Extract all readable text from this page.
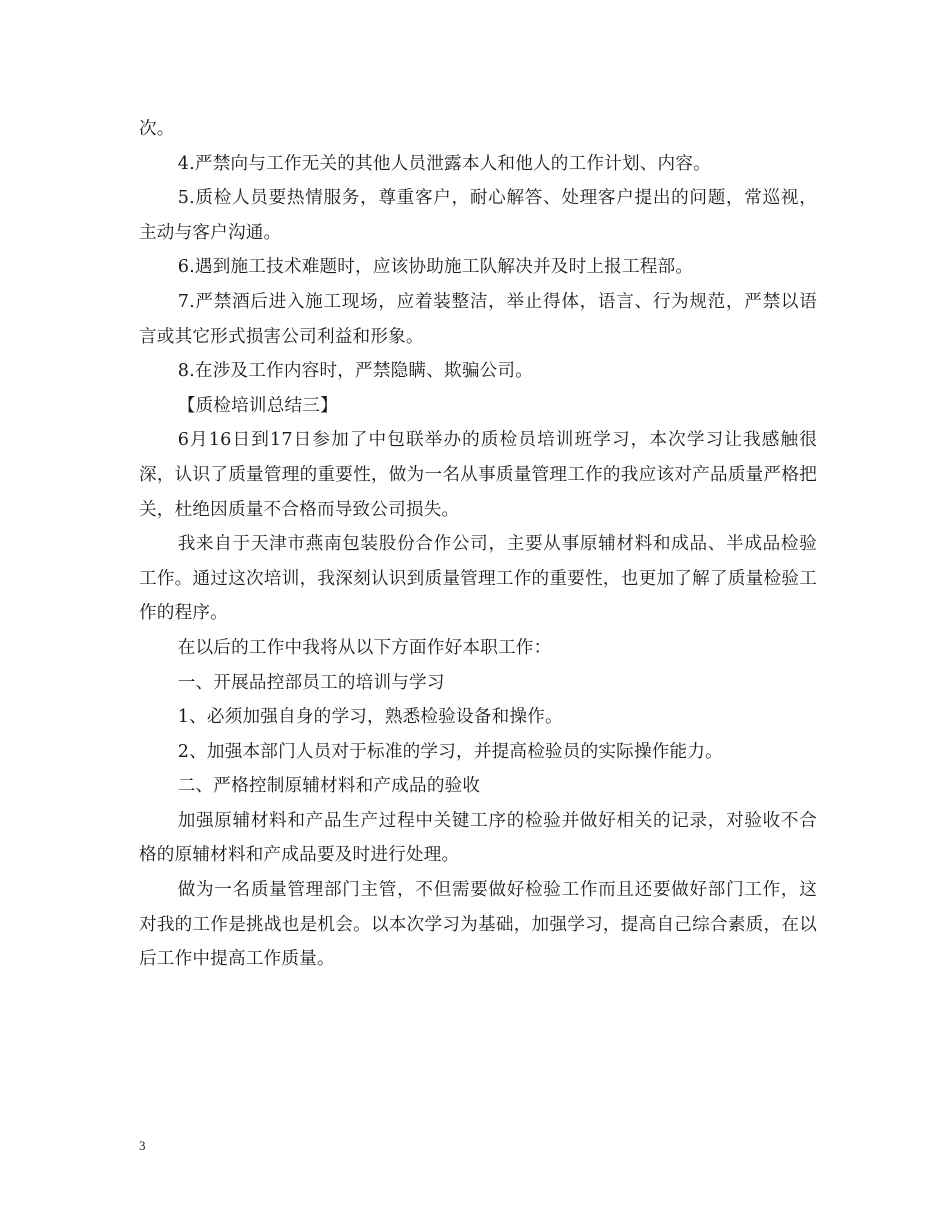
次。

4.严禁向与工作无关的其他人员泄露本人和他人的工作计划、内容。

5.质检人员要热情服务，尊重客户，耐心解答、处理客户提出的问题，常巡视，主动与客户沟通。

6.遇到施工技术难题时，应该协助施工队解决并及时上报工程部。

7.严禁酒后进入施工现场，应着装整洁，举止得体，语言、行为规范，严禁以语言或其它形式损害公司利益和形象。

8.在涉及工作内容时，严禁隐瞒、欺骗公司。

【质检培训总结三】

6月16日到17日参加了中包联举办的质检员培训班学习，本次学习让我感触很深，认识了质量管理的重要性，做为一名从事质量管理工作的我应该对产品质量严格把关，杜绝因质量不合格而导致公司损失。

我来自于天津市燕南包装股份合作公司，主要从事原辅材料和成品、半成品检验工作。通过这次培训，我深刻认识到质量管理工作的重要性，也更加了解了质量检验工作的程序。

在以后的工作中我将从以下方面作好本职工作：

一、开展品控部员工的培训与学习

1、必须加强自身的学习，熟悉检验设备和操作。

2、加强本部门人员对于标准的学习，并提高检验员的实际操作能力。

二、严格控制原辅材料和产成品的验收

加强原辅材料和产品生产过程中关键工序的检验并做好相关的记录，对验收不合格的原辅材料和产成品要及时进行处理。

做为一名质量管理部门主管，不但需要做好检验工作而且还要做好部门工作，这对我的工作是挑战也是机会。以本次学习为基础，加强学习，提高自己综合素质，在以后工作中提高工作质量。

3
